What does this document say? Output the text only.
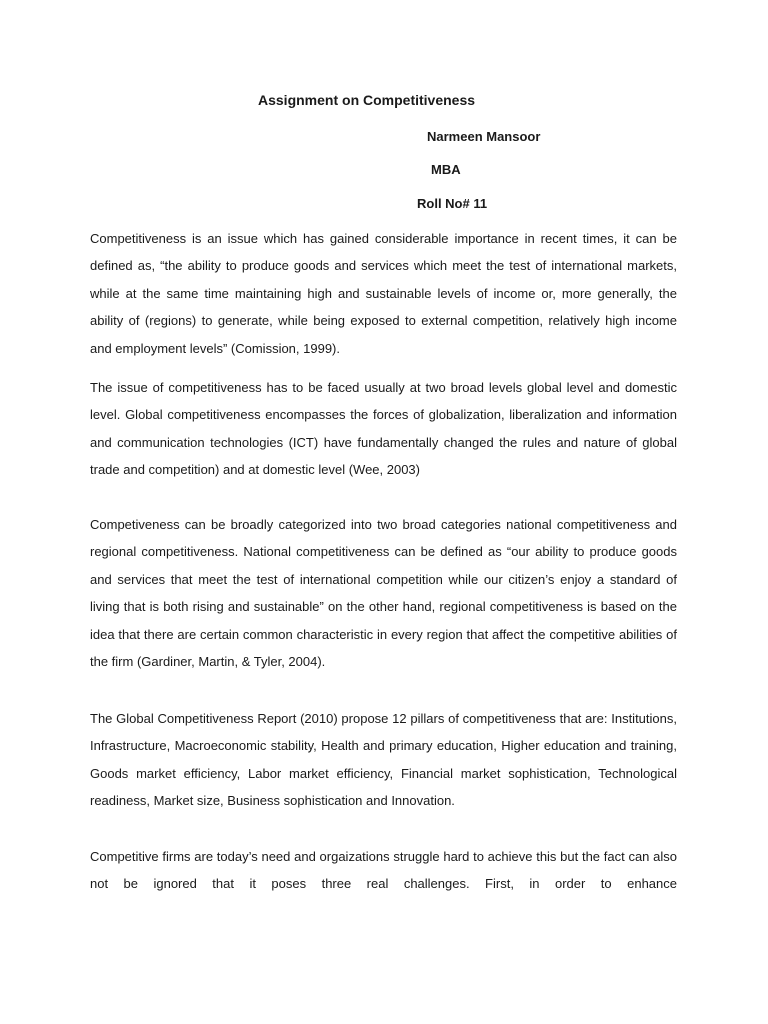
Assignment on Competitiveness

Narmeen Mansoor

MBA

Roll No# 11

Competitiveness is an issue which has gained considerable importance in recent times, it can be defined as, “the ability to produce goods and services which meet the test of international markets, while at the same time maintaining high and sustainable levels of income or, more generally, the ability of (regions) to generate, while being exposed to external competition, relatively high income and employment levels” (Comission, 1999).

The issue of competitiveness has to be faced usually at two broad levels global level and domestic level. Global competitiveness encompasses the forces of globalization, liberalization and information and communication technologies (ICT) have fundamentally changed the rules and nature of global trade and competition) and at domestic level (Wee, 2003)

Competiveness can be broadly categorized into two broad categories national competitiveness and regional competitiveness. National competitiveness can be defined as “our ability to produce goods and services that meet the test of international competition while our citizen’s enjoy a standard of living that is both rising and sustainable” on the other hand, regional competitiveness is based on the idea that there are certain common characteristic in every region that affect the competitive abilities of the firm (Gardiner, Martin, & Tyler, 2004).

The Global Competitiveness Report (2010) propose 12 pillars of competitiveness that are: Institutions, Infrastructure, Macroeconomic stability, Health and primary education, Higher education and training, Goods market efficiency, Labor market efficiency, Financial market sophistication, Technological readiness, Market size, Business sophistication and Innovation.

Competitive firms are today’s need and orgaizations struggle hard to achieve this but the fact can also not be ignored that it poses three real challenges. First, in order to enhance
